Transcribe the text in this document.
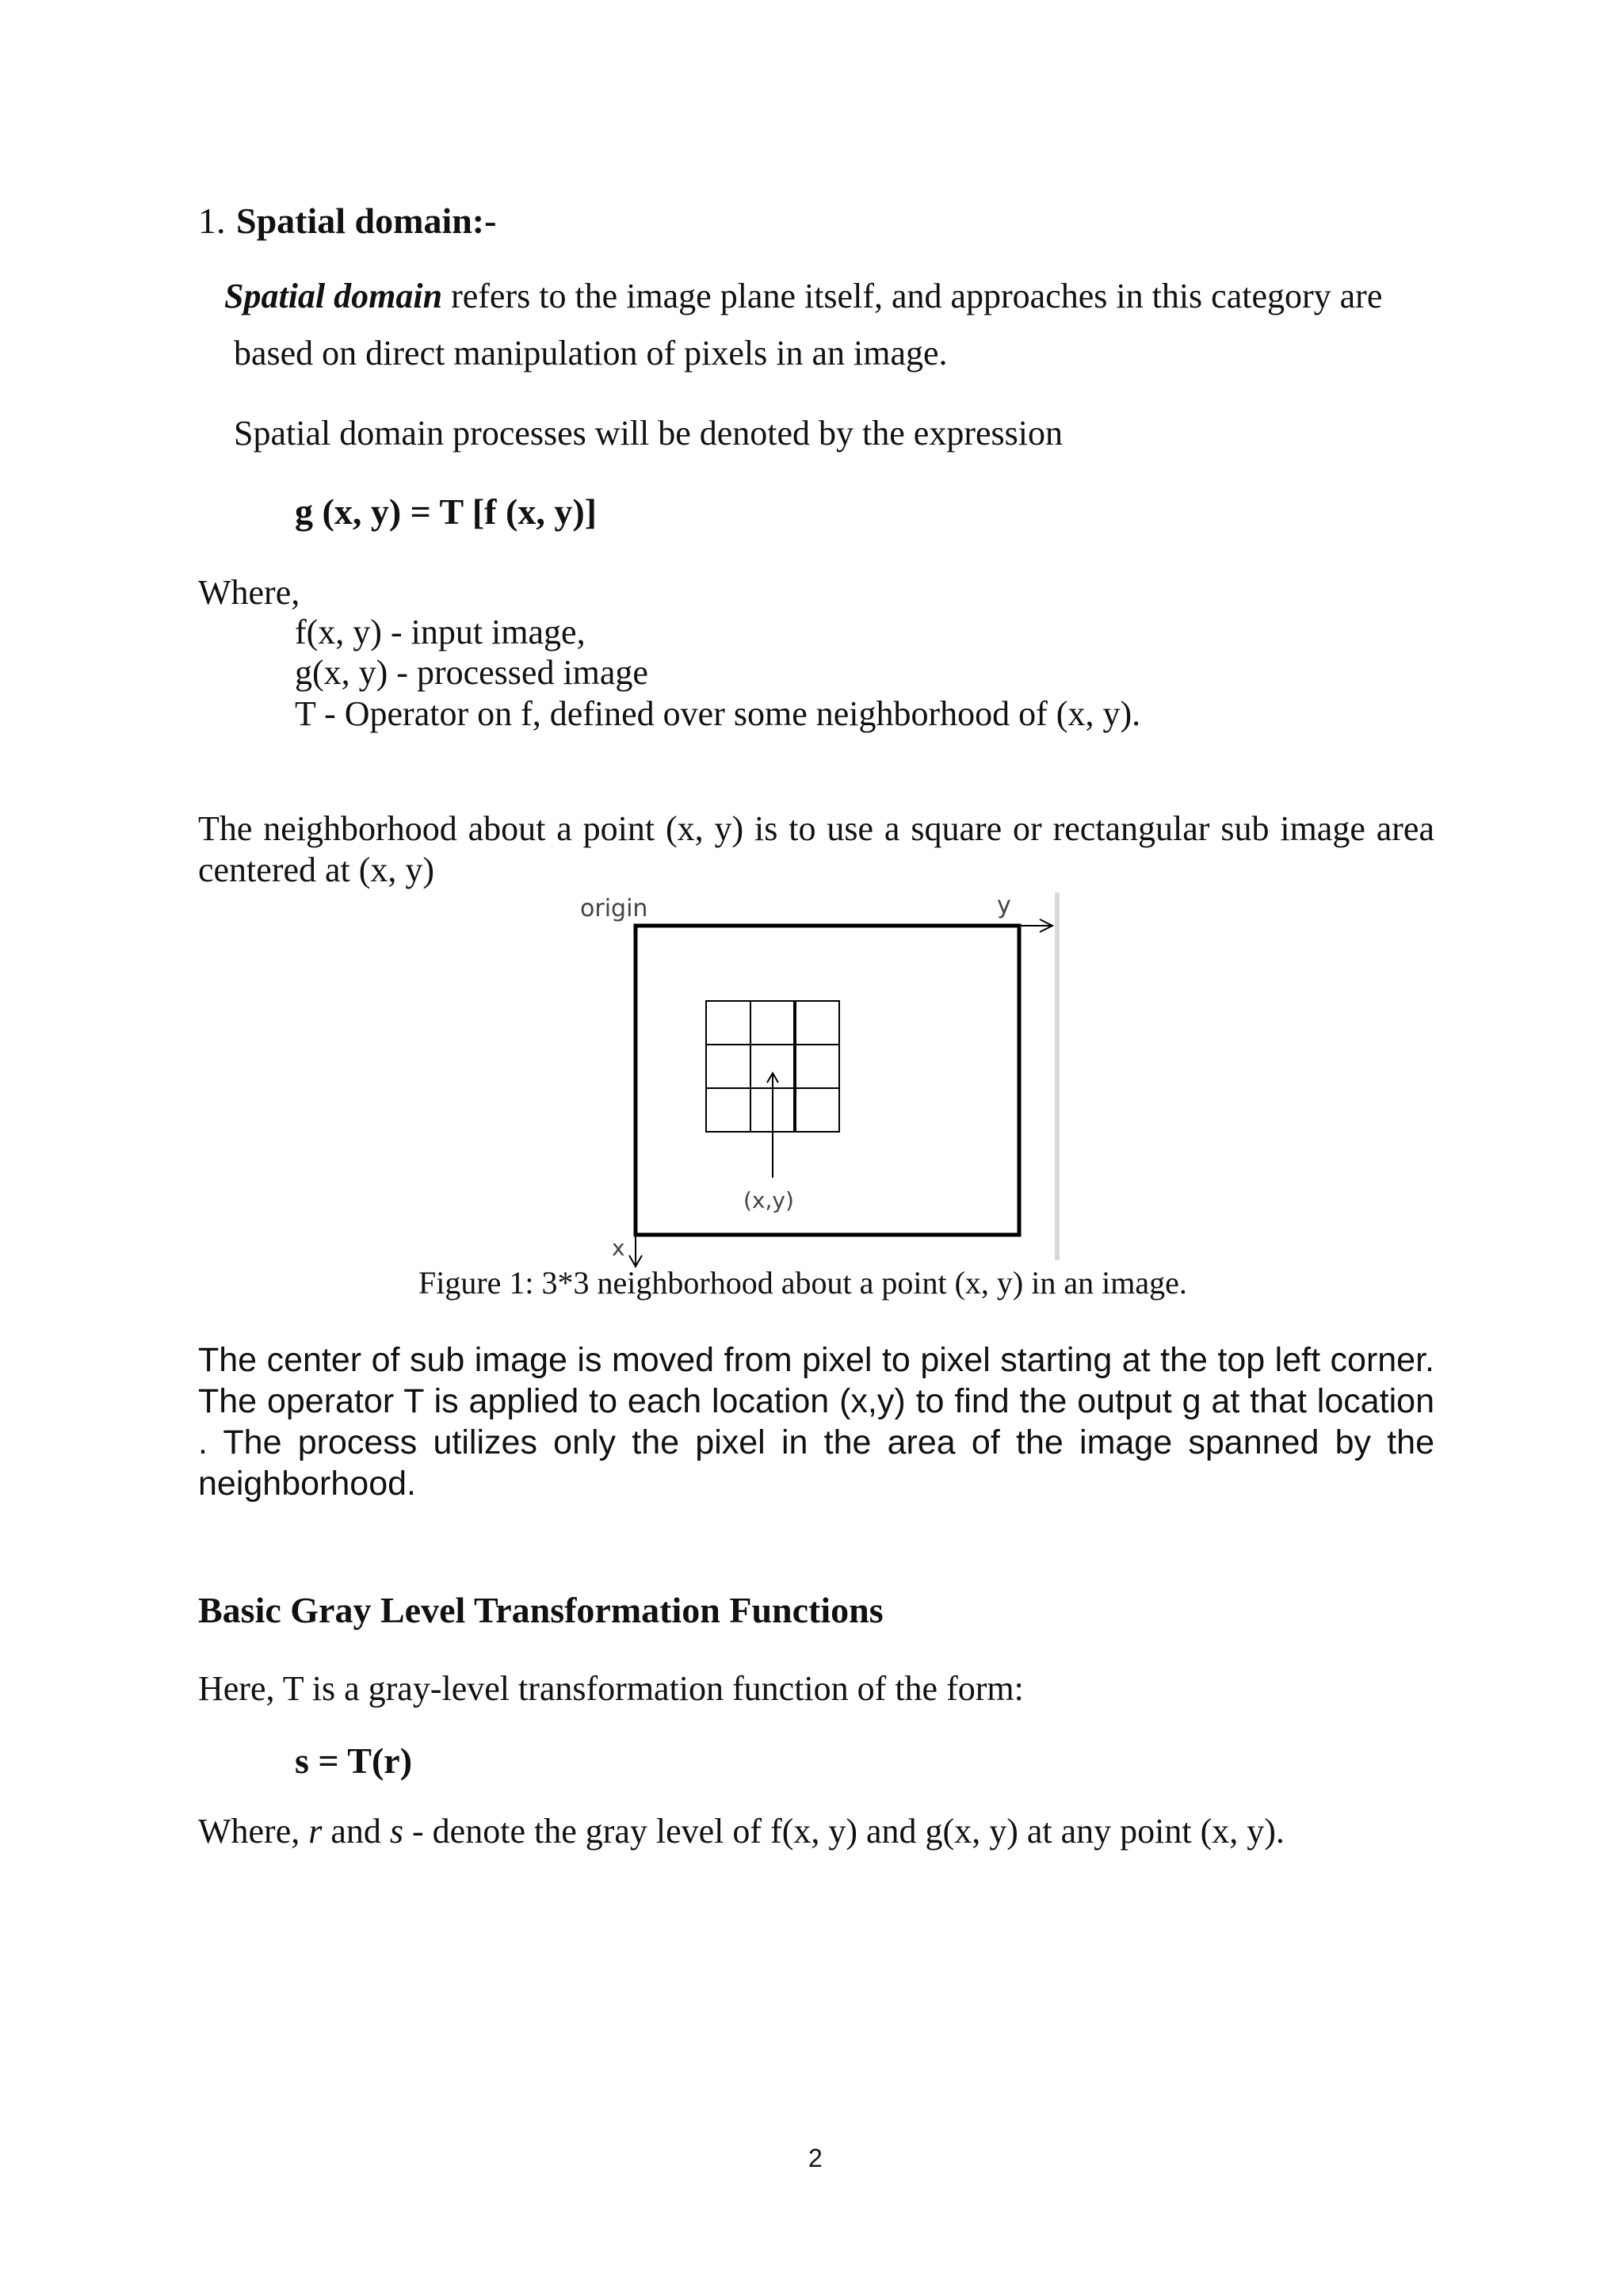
1. Spatial domain:-
Spatial domain refers to the image plane itself, and approaches in this category are
based on direct manipulation of pixels in an image.
Spatial domain processes will be denoted by the expression
g (x, y) = T [f (x, y)]
Where,
f(x, y) - input image,
g(x, y) - processed image
T - Operator on f, defined over some neighborhood of (x, y).
The neighborhood about a point (x, y) is to use a square or rectangular sub image area centered at (x, y)
origin	y
x
(x,y)
Figure 1: 3*3 neighborhood about a point (x, y) in an image.
The center of sub image is moved from pixel to pixel starting at the top left corner. The operator T is applied to each location (x,y) to find the output g at that location . The process utilizes only the pixel in the area of the image spanned by the neighborhood.
Basic Gray Level Transformation Functions
Here, T is a gray-level transformation function of the form:
s = T(r)
Where, r and s - denote the gray level of f(x, y) and g(x, y) at any point (x, y).
2
